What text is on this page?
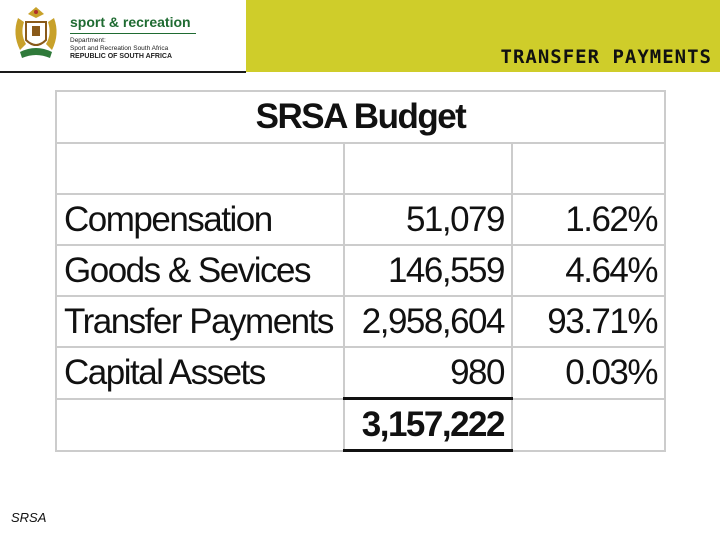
sport & recreation
Department:
Sport and Recreation South Africa
REPUBLIC OF SOUTH AFRICA	TRANSFER PAYMENTS
SRSA Budget		

Compensation	51,079	1.62%
Goods & Sevices	146,559	4.64%
Transfer Payments	2,958,604	93.71%
Capital Assets	980	0.03%
	3,157,222	
SRSA
